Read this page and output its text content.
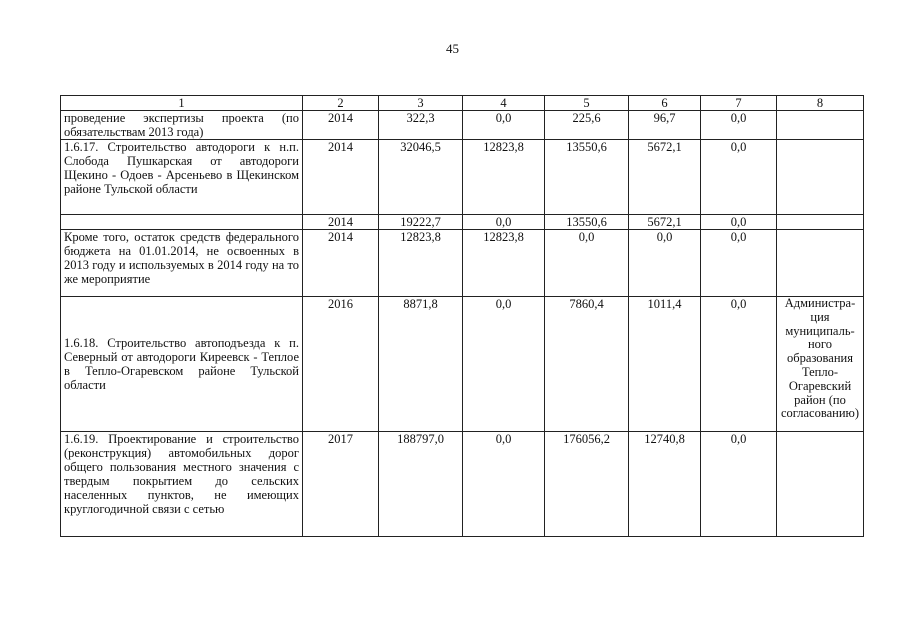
45
1	2	3	4	5	6	7	8
проведение экспертизы проекта (по обязательствам 2013 года)	2014	322,3	0,0	225,6	96,7	0,0	
1.6.17. Строительство автодороги к н.п. Слобода Пушкарская от автодороги Щекино - Одоев - Арсеньево в Щекинском районе Тульской области	2014	32046,5	12823,8	13550,6	5672,1	0,0	
	2014	19222,7	0,0	13550,6	5672,1	0,0	
Кроме того, остаток средств федерального бюджета на 01.01.2014, не освоенных в 2013 году и используемых в 2014 году на то же мероприятие	2014	12823,8	12823,8	0,0	0,0	0,0	
1.6.18. Строительство автоподъезда к п. Северный от автодороги Киреевск - Теплое в Тепло-Огаревском районе Тульской области	2016	8871,8	0,0	7860,4	1011,4	0,0	Администра-ция муниципаль-ного образования Тепло-Огаревский район (по согласованию)
1.6.19. Проектирование и строительство (реконструкция) автомобильных дорог общего пользования местного значения с твердым покрытием до сельских населенных пунктов, не имеющих круглогодичной связи с сетью	2017	188797,0	0,0	176056,2	12740,8	0,0	
